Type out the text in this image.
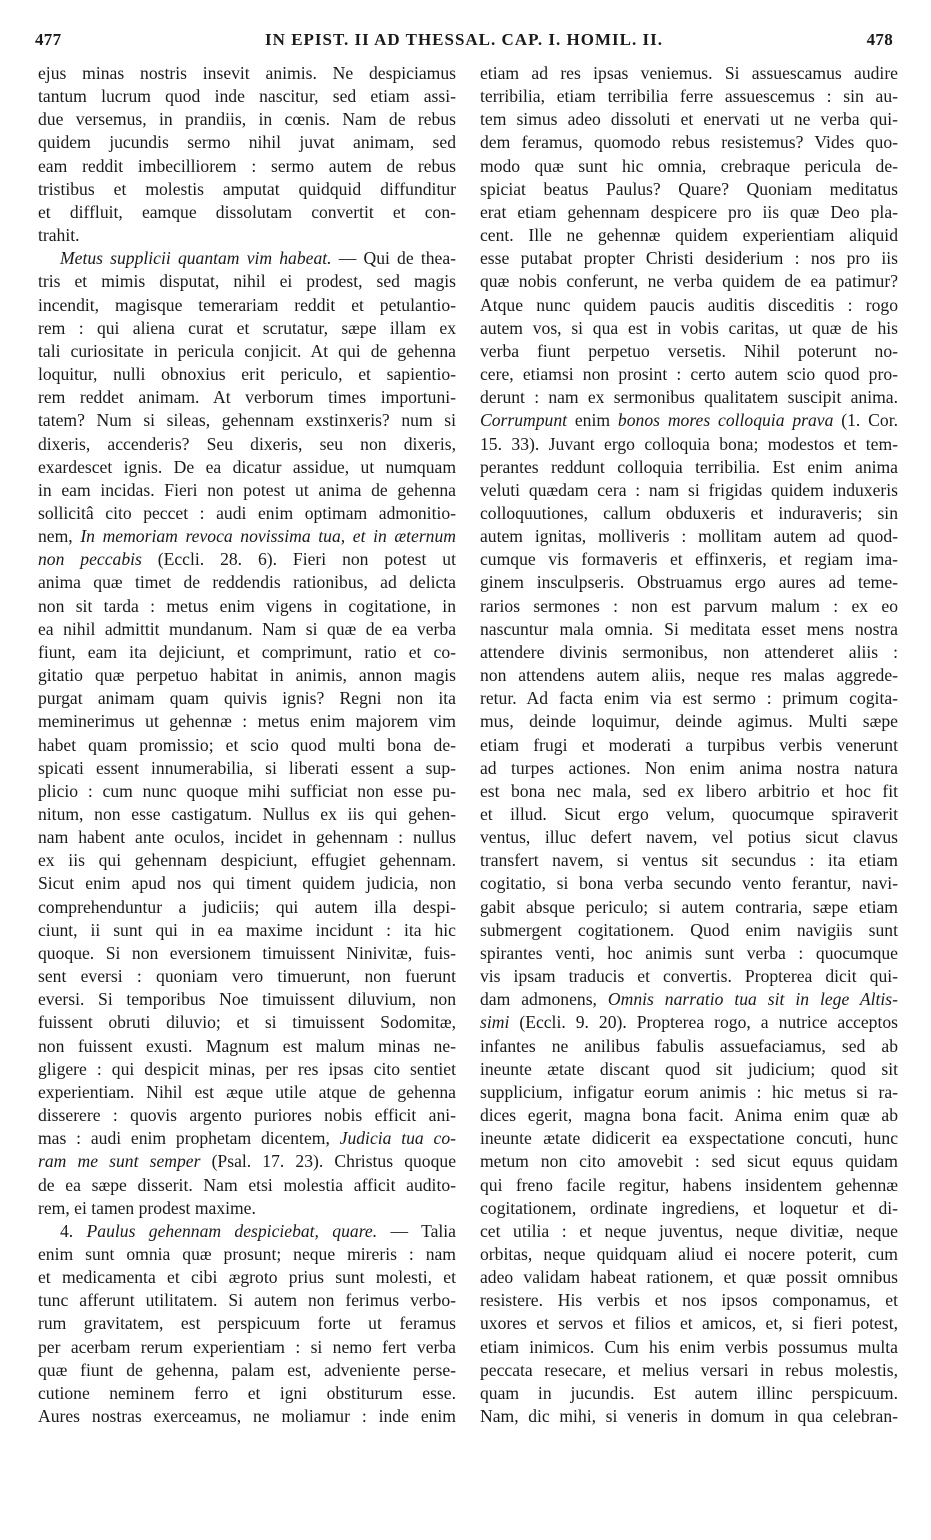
477	IN EPIST. II AD THESSAL. CAP. I. HOMIL. II.	478
ejus minas nostris insevit animis. Ne despiciamus
tantum lucrum quod inde nascitur, sed etiam assi-
due versemus, in prandiis, in cœnis. Nam de rebus
quidem jucundis sermo nihil juvat animam, sed
eam reddit imbecilliorem : sermo autem de rebus
tristibus et molestis amputat quidquid diffunditur
et diffluit, eamque dissolutam convertit et con-
trahit.
Metus supplicii quantam vim habeat. — Qui de thea-
tris et mimis disputat, nihil ei prodest, sed magis
incendit, magisque temerariam reddit et petulantio-
rem : qui aliena curat et scrutatur, sæpe illam ex
tali curiositate in pericula conjicit. At qui de gehenna
loquitur, nulli obnoxius erit periculo, et sapientio-
rem reddet animam. At verborum times importuni-
tatem? Num si sileas, gehennam exstinxeris? num si
dixeris, accenderis? Seu dixeris, seu non dixeris,
exardescet ignis. De ea dicatur assidue, ut numquam
in eam incidas. Fieri non potest ut anima de gehenna
sollicitâ cito peccet : audi enim optimam admonitio-
nem, In memoriam revoca novissima tua, et in æternum
non peccabis (Eccli. 28. 6). Fieri non potest ut
anima quæ timet de reddendis rationibus, ad delicta
non sit tarda : metus enim vigens in cogitatione, in
ea nihil admittit mundanum. Nam si quæ de ea verba
fiunt, eam ita dejiciunt, et comprimunt, ratio et co-
gitatio quæ perpetuo habitat in animis, annon magis
purgat animam quam quivis ignis? Regni non ita
meminerimus ut gehennæ : metus enim majorem vim
habet quam promissio; et scio quod multi bona de-
spicati essent innumerabilia, si liberati essent a sup-
plicio : cum nunc quoque mihi sufficiat non esse pu-
nitum, non esse castigatum. Nullus ex iis qui gehen-
nam habent ante oculos, incidet in gehennam : nullus
ex iis qui gehennam despiciunt, effugiet gehennam.
Sicut enim apud nos qui timent quidem judicia, non
comprehenduntur a judiciis; qui autem illa despi-
ciunt, ii sunt qui in ea maxime incidunt : ita hic
quoque. Si non eversionem timuissent Ninivitæ, fuis-
sent eversi : quoniam vero timuerunt, non fuerunt
eversi. Si temporibus Noe timuissent diluvium, non
fuissent obruti diluvio; et si timuissent Sodomitæ,
non fuissent exusti. Magnum est malum minas ne-
gligere : qui despicit minas, per res ipsas cito sentiet
experientiam. Nihil est æque utile atque de gehenna
disserere : quovis argento puriores nobis efficit ani-
mas : audi enim prophetam dicentem, Judicia tua co-
ram me sunt semper (Psal. 17. 23). Christus quoque
de ea sæpe disserit. Nam etsi molestia afficit audito-
rem, ei tamen prodest maxime.
4. Paulus gehennam despiciebat, quare. — Talia
enim sunt omnia quæ prosunt; neque mireris : nam
et medicamenta et cibi ægroto prius sunt molesti, et
tunc afferunt utilitatem. Si autem non ferimus verbo-
rum gravitatem, est perspicuum forte ut feramus
per acerbam rerum experientiam : si nemo fert verba
quæ fiunt de gehenna, palam est, adveniente perse-
cutione neminem ferro et igni obstiturum esse.
Aures nostras exerceamus, ne moliamur : inde enim
etiam ad res ipsas veniemus. Si assuescamus audire
terribilia, etiam terribilia ferre assuescemus : sin au-
tem simus adeo dissoluti et enervati ut ne verba qui-
dem feramus, quomodo rebus resistemus? Vides quo-
modo quæ sunt hic omnia, crebraque pericula de-
spiciat beatus Paulus? Quare? Quoniam meditatus
erat etiam gehennam despicere pro iis quæ Deo pla-
cent. Ille ne gehennæ quidem experientiam aliquid
esse putabat propter Christi desiderium : nos pro iis
quæ nobis conferunt, ne verba quidem de ea patimur?
Atque nunc quidem paucis auditis disceditis : rogo
autem vos, si qua est in vobis caritas, ut quæ de his
verba fiunt perpetuo versetis. Nihil poterunt no-
cere, etiamsi non prosint : certo autem scio quod pro-
derunt : nam ex sermonibus qualitatem suscipit anima.
Corrumpunt enim bonos mores colloquia prava (1. Cor.
15. 33). Juvant ergo colloquia bona; modestos et tem-
perantes reddunt colloquia terribilia. Est enim anima
veluti quædam cera : nam si frigidas quidem induxeris
colloquutiones, callum obduxeris et induraveris; sin
autem ignitas, molliveris : mollitam autem ad quod-
cumque vis formaveris et effinxeris, et regiam ima-
ginem insculpseris. Obstruamus ergo aures ad teme-
rarios sermones : non est parvum malum : ex eo
nascuntur mala omnia. Si meditata esset mens nostra
attendere divinis sermonibus, non attenderet aliis :
non attendens autem aliis, neque res malas aggrede-
retur. Ad facta enim via est sermo : primum cogita-
mus, deinde loquimur, deinde agimus. Multi sæpe
etiam frugi et moderati a turpibus verbis venerunt
ad turpes actiones. Non enim anima nostra natura
est bona nec mala, sed ex libero arbitrio et hoc fit
et illud. Sicut ergo velum, quocumque spiraverit
ventus, illuc defert navem, vel potius sicut clavus
transfert navem, si ventus sit secundus : ita etiam
cogitatio, si bona verba secundo vento ferantur, navi-
gabit absque periculo; si autem contraria, sæpe etiam
submergent cogitationem. Quod enim navigiis sunt
spirantes venti, hoc animis sunt verba : quocumque
vis ipsam traducis et convertis. Propterea dicit qui-
dam admonens, Omnis narratio tua sit in lege Altis-
simi (Eccli. 9. 20). Propterea rogo, a nutrice acceptos
infantes ne anilibus fabulis assuefaciamus, sed ab
ineunte ætate discant quod sit judicium; quod sit
supplicium, infigatur eorum animis : hic metus si ra-
dices egerit, magna bona facit. Anima enim quæ ab
ineunte ætate didicerit ea exspectatione concuti, hunc
metum non cito amovebit : sed sicut equus quidam
qui freno facile regitur, habens insidentem gehennæ
cogitationem, ordinate ingrediens, et loquetur et di-
cet utilia : et neque juventus, neque divitiæ, neque
orbitas, neque quidquam aliud ei nocere poterit, cum
adeo validam habeat rationem, et quæ possit omnibus
resistere. His verbis et nos ipsos componamus, et
uxores et servos et filios et amicos, et, si fieri potest,
etiam inimicos. Cum his enim verbis possumus multa
peccata resecare, et melius versari in rebus molestis,
quam in jucundis. Est autem illinc perspicuum.
Nam, dic mihi, si veneris in domum in qua celebran-
